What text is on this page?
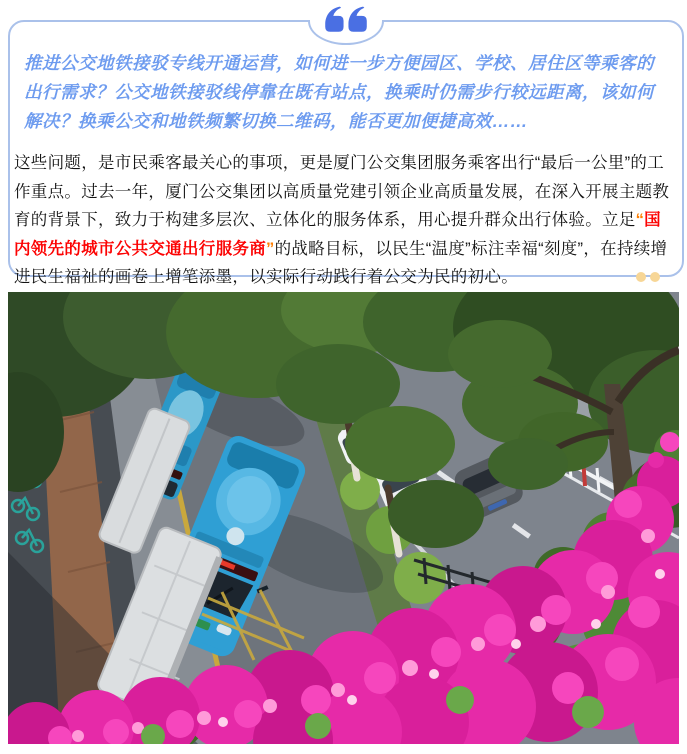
推进公交地铁接驳专线开通运营，如何进一步方便园区、学校、居住区等乘客的出行需求？公交地铁接驳线停靠在既有站点，换乘时仍需步行较远距离，该如何解决？换乘公交和地铁频繁切换二维码，能否更加便捷高效……

这些问题，是市民乘客最关心的事项，更是厦门公交集团服务乘客出行“最后一公里”的工作重点。过去一年，厦门公交集团以高质量党建引领企业高质量发展，在深入开展主题教育的背景下，致力于构建多层次、立体化的服务体系，用心提升群众出行体验。立足“国内领先的城市公共交通出行服务商”的战略目标，以民生“温度”标注幸福“刻度”，在持续增进民生福祉的画卷上增笔添墨，以实际行动践行着公交为民的初心。
